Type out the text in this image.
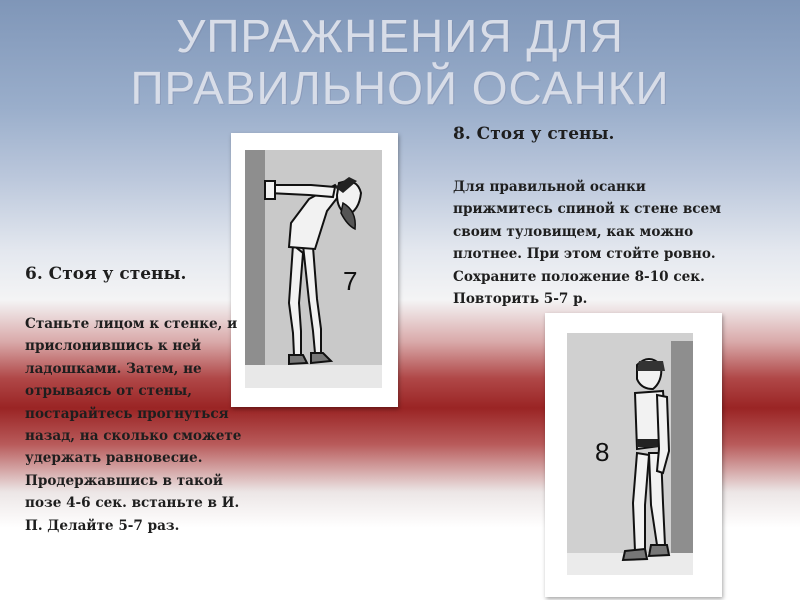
УПРАЖНЕНИЯ ДЛЯ
ПРАВИЛЬНОЙ ОСАНКИ
7
8
8. Стоя у стены.
Для правильной осанки
прижмитесь спиной к стене всем
своим туловищем, как можно
плотнее. При этом стойте ровно.
Сохраните положение 8-10 сек.
Повторить 5-7 р.
6. Стоя у стены.
Станьте лицом к стенке, и
прислонившись к ней
ладошками. Затем, не
отрываясь от стены,
постарайтесь прогнуться
назад, на сколько сможете
удержать равновесие.
Продержавшись в такой
позе 4-6 сек. встаньте в И.
П. Делайте 5-7 раз.
